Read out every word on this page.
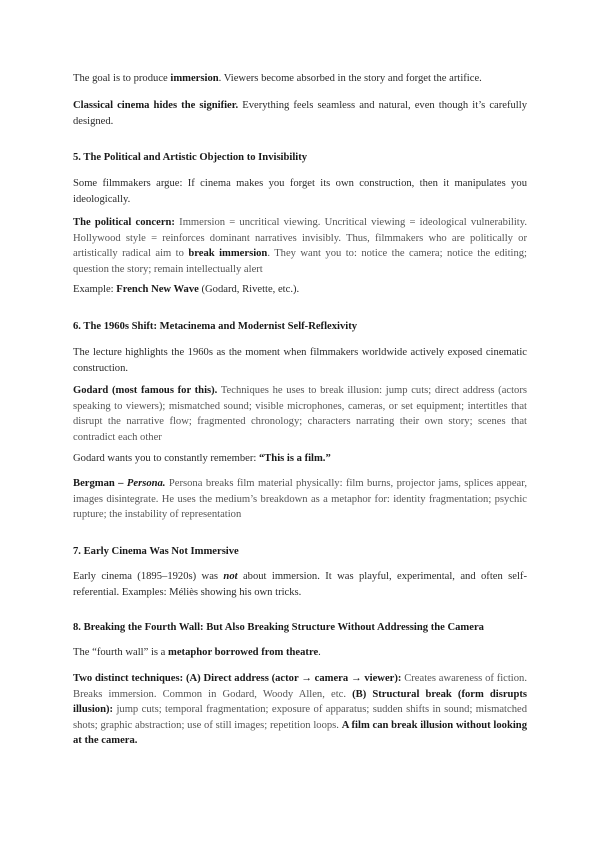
The goal is to produce immersion. Viewers become absorbed in the story and forget the artifice.

Classical cinema hides the signifier. Everything feels seamless and natural, even though it’s carefully designed.

5. The Political and Artistic Objection to Invisibility

Some filmmakers argue: If cinema makes you forget its own construction, then it manipulates you ideologically.

The political concern: Immersion = uncritical viewing. Uncritical viewing = ideological vulnerability. Hollywood style = reinforces dominant narratives invisibly. Thus, filmmakers who are politically or artistically radical aim to break immersion. They want you to: notice the camera; notice the editing; question the story; remain intellectually alert

Example: French New Wave (Godard, Rivette, etc.).

6. The 1960s Shift: Metacinema and Modernist Self-Reflexivity

The lecture highlights the 1960s as the moment when filmmakers worldwide actively exposed cinematic construction.

Godard (most famous for this). Techniques he uses to break illusion: jump cuts; direct address (actors speaking to viewers); mismatched sound; visible microphones, cameras, or set equipment; intertitles that disrupt the narrative flow; fragmented chronology; characters narrating their own story; scenes that contradict each other

Godard wants you to constantly remember: “This is a film.”

Bergman – Persona. Persona breaks film material physically: film burns, projector jams, splices appear, images disintegrate. He uses the medium’s breakdown as a metaphor for: identity fragmentation; psychic rupture; the instability of representation

7. Early Cinema Was Not Immersive

Early cinema (1895–1920s) was not about immersion. It was playful, experimental, and often self-referential. Examples: Méliès showing his own tricks.

8. Breaking the Fourth Wall: But Also Breaking Structure Without Addressing the Camera

The “fourth wall” is a metaphor borrowed from theatre.

Two distinct techniques: (A) Direct address (actor → camera → viewer): Creates awareness of fiction. Breaks immersion. Common in Godard, Woody Allen, etc. (B) Structural break (form disrupts illusion): jump cuts; temporal fragmentation; exposure of apparatus; sudden shifts in sound; mismatched shots; graphic abstraction; use of still images; repetition loops. A film can break illusion without looking at the camera.
